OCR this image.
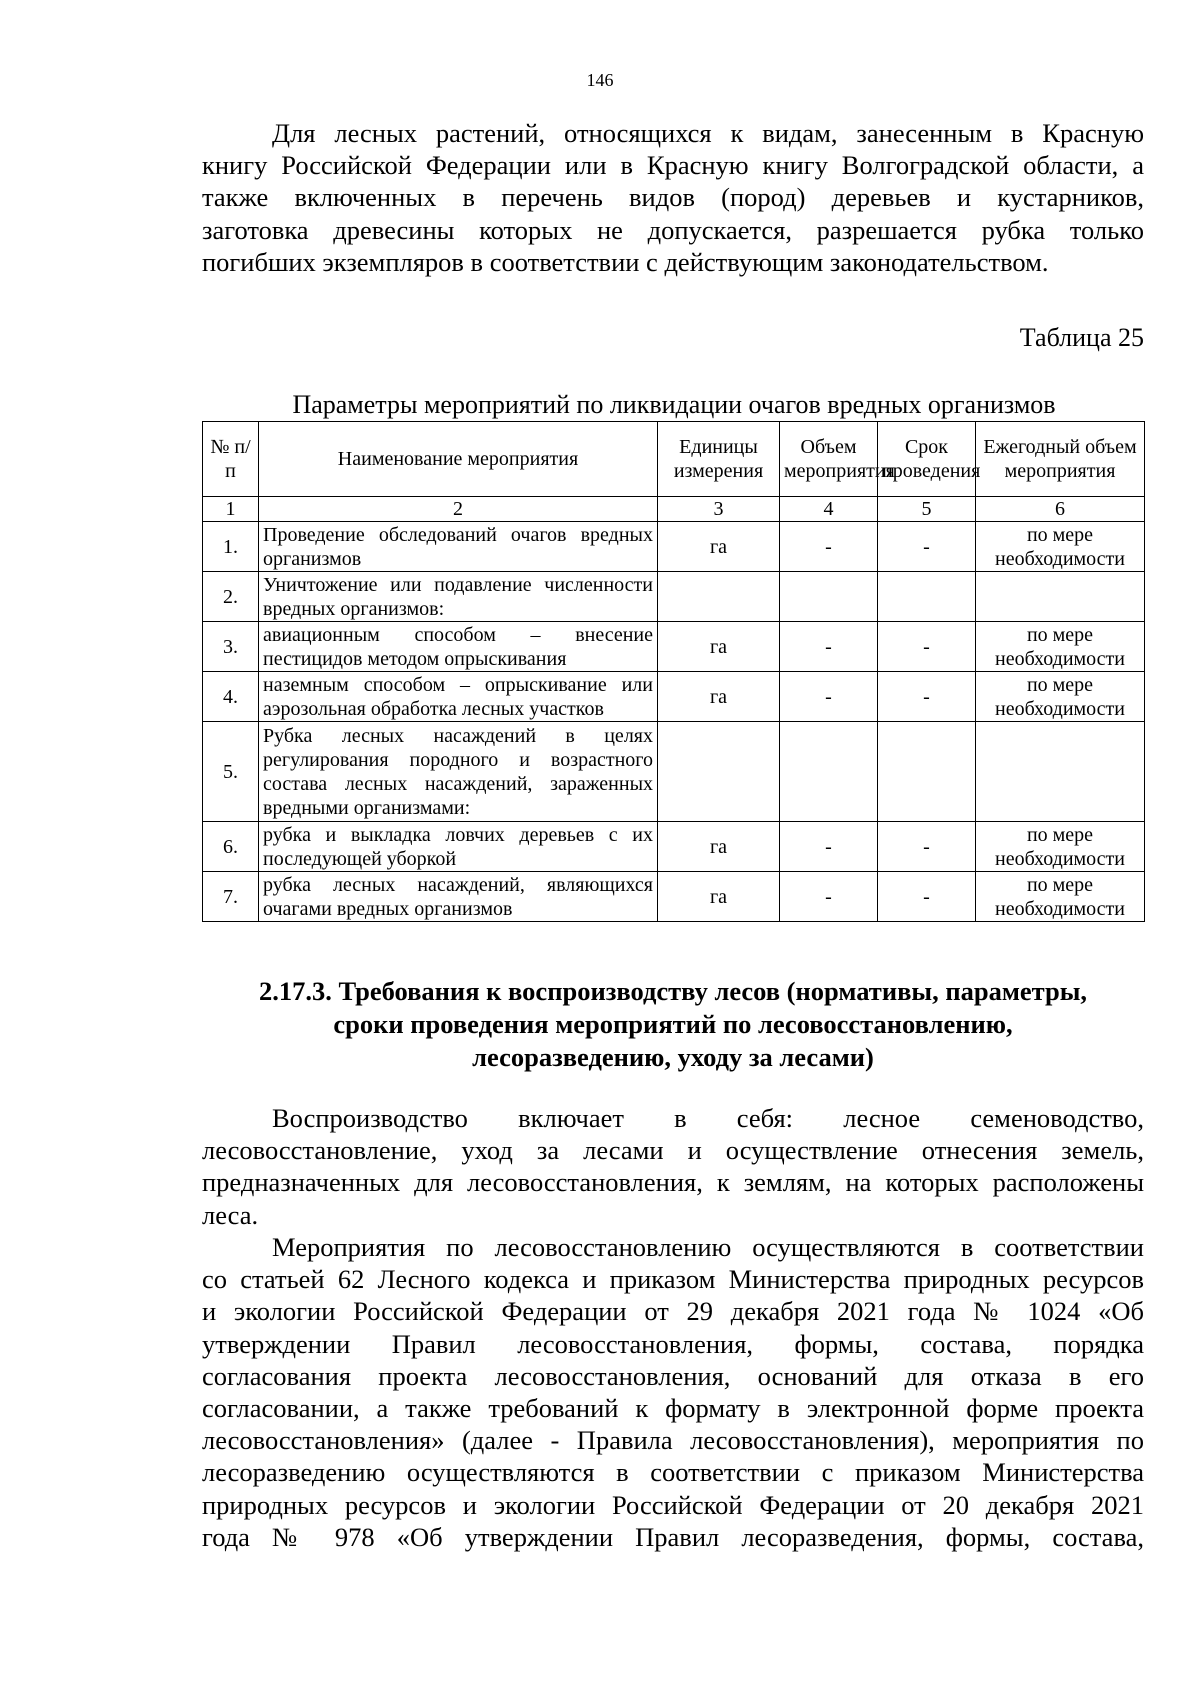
146

Для лесных растений, относящихся к видам, занесенным в Красную
книгу Российской Федерации или в Красную книгу Волгоградской области, а
также включенных в перечень видов (пород) деревьев и кустарников,
заготовка древесины которых не допускается, разрешается рубка только
погибших экземпляров в соответствии с действующим законодательством.

Таблица 25
Параметры мероприятий по ликвидации очагов вредных организмов
№ п/п	Наименование мероприятия	Единицы измерения	Объем мероприятия	Срок проведения	Ежегодный объем мероприятия
1	2	3	4	5	6
1.	Проведение обследований очагов вредных организмов	га	-	-	по мере необходимости
2.	Уничтожение или подавление численности вредных организмов:				
3.	авиационным способом – внесение пестицидов методом опрыскивания	га	-	-	по мере необходимости
4.	наземным способом – опрыскивание или аэрозольная обработка лесных участков	га	-	-	по мере необходимости
5.	Рубка лесных насаждений в целях регулирования породного и возрастного состава лесных насаждений, зараженных вредными организмами:				
6.	рубка и выкладка ловчих деревьев с их последующей уборкой	га	-	-	по мере необходимости
7.	рубка лесных насаждений, являющихся очагами вредных организмов	га	-	-	по мере необходимости
2.17.3. Требования к воспроизводству лесов (нормативы, параметры,
сроки проведения мероприятий по лесовосстановлению,
лесоразведению, уходу за лесами)

Воспроизводство включает в себя: лесное семеноводство,
лесовосстановление, уход за лесами и осуществление отнесения земель,
предназначенных для лесовосстановления, к землям, на которых расположены
леса.

Мероприятия по лесовосстановлению осуществляются в соответствии
со статьей 62 Лесного кодекса и приказом Министерства природных ресурсов
и экологии Российской Федерации от 29 декабря 2021 года № 1024 «Об
утверждении Правил лесовосстановления, формы, состава, порядка
согласования проекта лесовосстановления, оснований для отказа в его
согласовании, а также требований к формату в электронной форме проекта
лесовосстановления» (далее - Правила лесовосстановления), мероприятия по
лесоразведению осуществляются в соответствии с приказом Министерства
природных ресурсов и экологии Российской Федерации от 20 декабря 2021
года № 978 «Об утверждении Правил лесоразведения, формы, состава,
